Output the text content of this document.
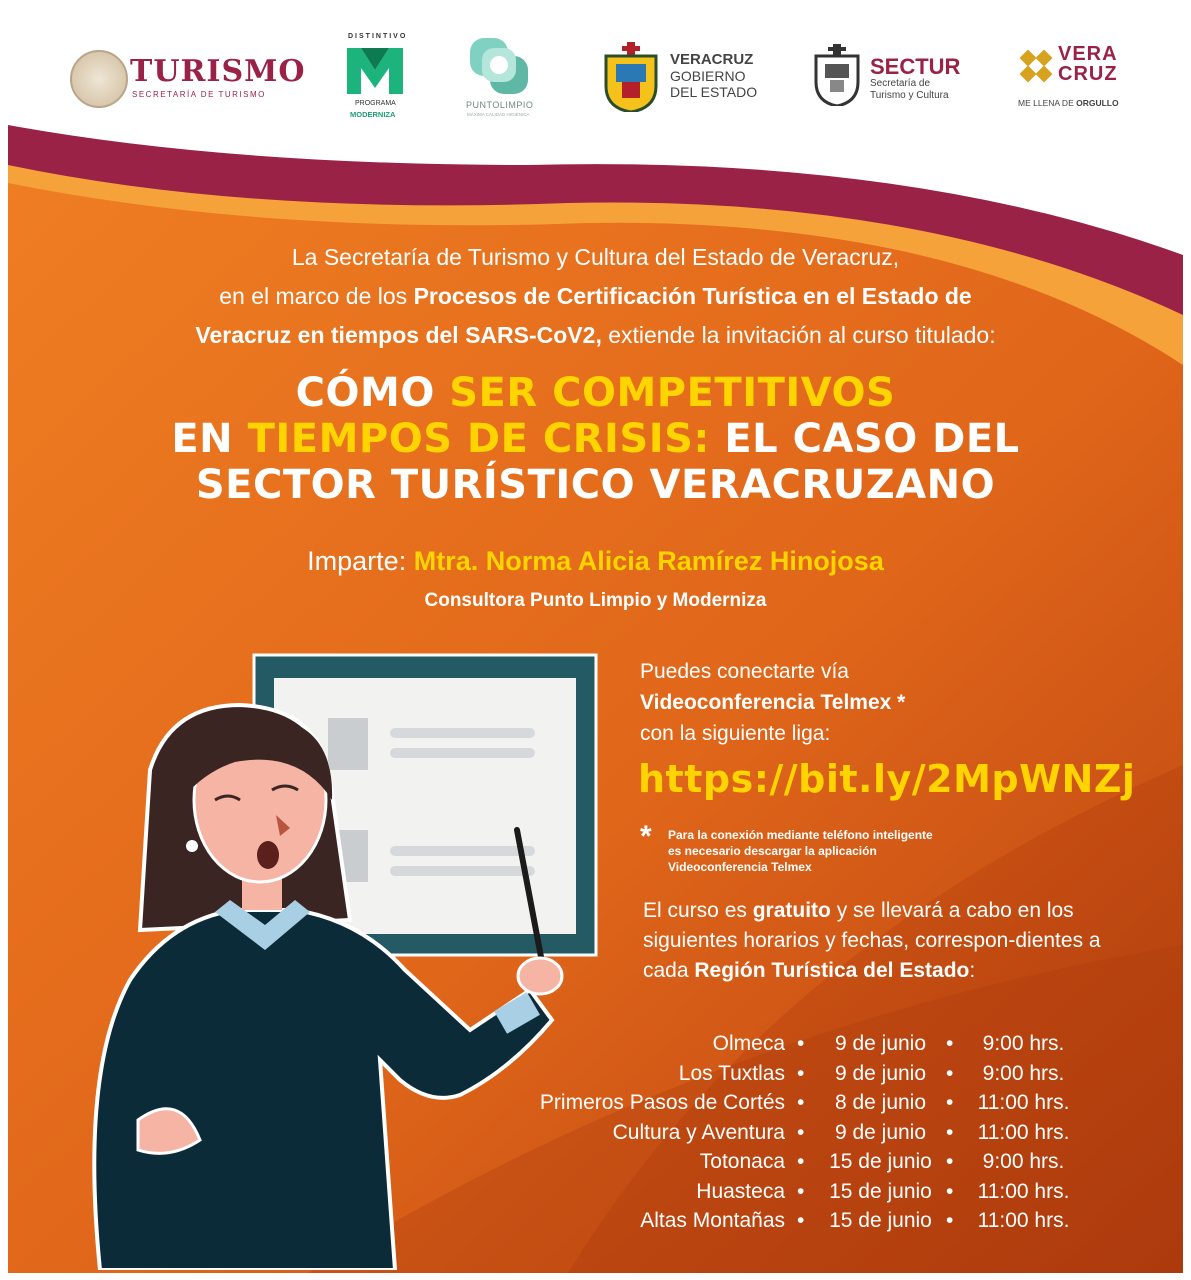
TURISMO
SECRETARÍA DE TURISMO
DISTINTIVO
PROGRAMA
MODERNIZA
PUNTOLIMPIO
MÁXIMA CALIDAD HIGIÉNICA
VERACRUZ
GOBIERNO
DEL ESTADO
SECTUR
Secretaría de
Turismo y Cultura
VERA
CRUZ
ME LLENA DE ORGULLO
La Secretaría de Turismo y Cultura del Estado de Veracruz,
en el marco de los Procesos de Certificación Turística en el Estado de
Veracruz en tiempos del SARS-CoV2, extiende la invitación al curso titulado:
CÓMO SER COMPETITIVOS
EN TIEMPOS DE CRISIS: EL CASO DEL
SECTOR TURÍSTICO VERACRUZANO
Imparte: Mtra. Norma Alicia Ramírez Hinojosa
Consultora Punto Limpio y Moderniza
Puedes conectarte vía
Videoconferencia Telmex *
con la siguiente liga:
https://bit.ly/2MpWNZj
* Para la conexión mediante teléfono inteligente es necesario descargar la aplicación Videoconferencia Telmex
El curso es gratuito y se llevará a cabo en los siguientes horarios y fechas, correspon-dientes a cada Región Turística del Estado:
Olmeca •	9 de junio •	9:00 hrs.
Los Tuxtlas •	9 de junio •	9:00 hrs.
Primeros Pasos de Cortés •	8 de junio •	11:00 hrs.
Cultura y Aventura •	9 de junio •	11:00 hrs.
Totonaca • 15 de junio •	9:00 hrs.
Huasteca • 15 de junio •	11:00 hrs.
Altas Montañas • 15 de junio •	11:00 hrs.
